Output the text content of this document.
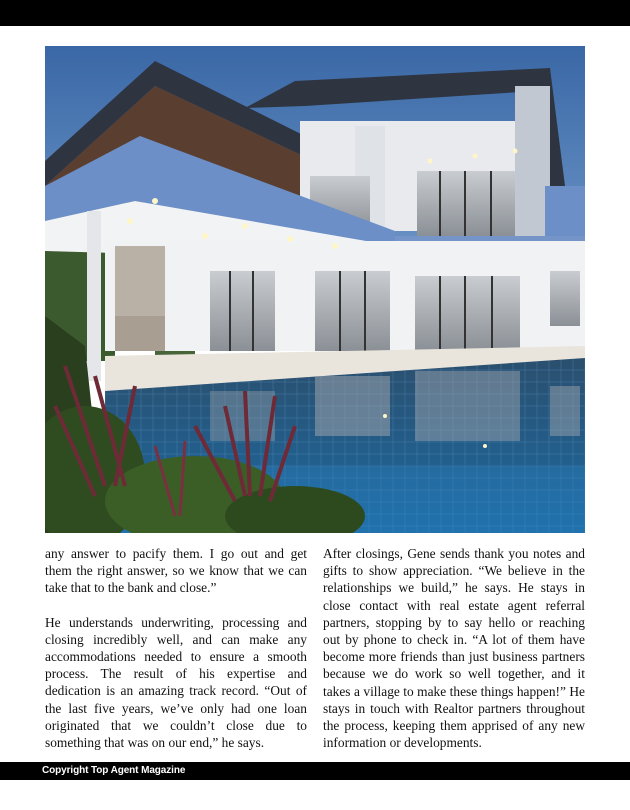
any answer to pacify them. I go out and get them the right answer, so we know that we can take that to the bank and close.”

He understands underwriting, processing and closing incredibly well, and can make any accommodations needed to ensure a smooth process. The result of his expertise and dedication is an amazing track record. “Out of the last five years, we’ve only had one loan originated that we couldn’t close due to something that was on our end,” he says.

After closings, Gene sends thank you notes and gifts to show appreciation. “We believe in the relationships we build,” he says. He stays in close contact with real estate agent referral partners, stopping by to say hello or reaching out by phone to check in. “A lot of them have become more friends than just business partners because we do work so well together, and it takes a village to make these things happen!” He stays in touch with Realtor partners throughout the process, keeping them apprised of any new information or developments.

Copyright Top Agent Magazine
